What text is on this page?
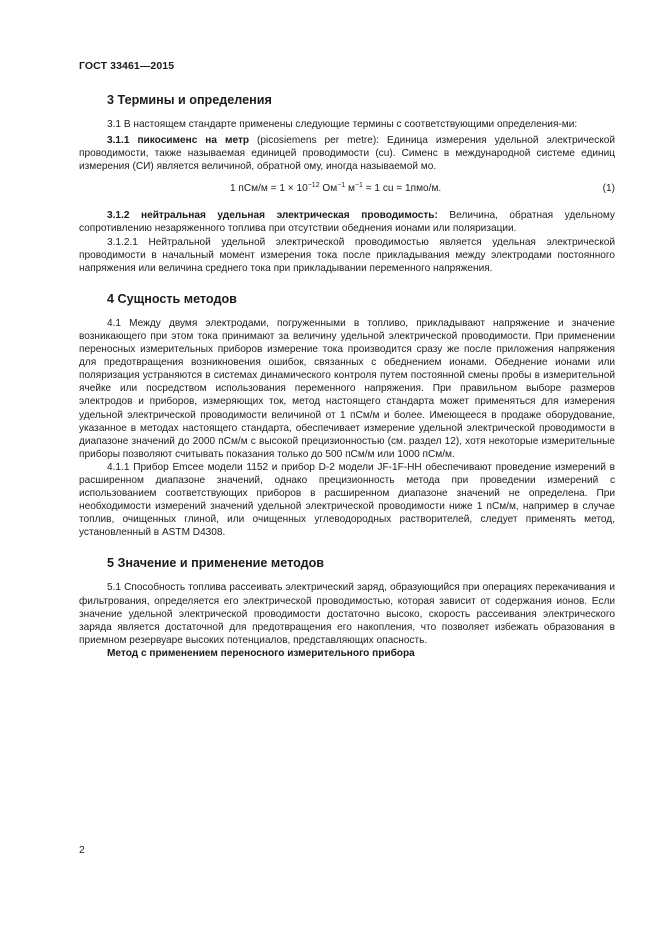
ГОСТ 33461—2015
3 Термины и определения

3.1 В настоящем стандарте применены следующие термины с соответствующими определения-ми:

3.1.1 пикосименс на метр (picosiemens per metre): Единица измерения удельной электрической проводимости, также называемая единицей проводимости (cu). Сименс в международной системе единиц измерения (СИ) является величиной, обратной ому, иногда называемой мо.

1 $пСм/м = 1 \times 10^{-12}$ $Ом^{-1}$ $м^{-1} = 1$ cu = 1пмо/м.	(1)

3.1.2 нейтральная удельная электрическая проводимость: Величина, обратная удельному сопротивлению незаряженного топлива при отсутствии обеднения ионами или поляризации.

3.1.2.1 Нейтральной удельной электрической проводимостью является удельная электрической проводимости в начальный момент измерения тока после прикладывания между электродами постоянного напряжения или величина среднего тока при прикладывании переменного напряжения.

4 Сущность методов

4.1 Между двумя электродами, погруженными в топливо, прикладывают напряжение и значение возникающего при этом тока принимают за величину удельной электрической проводимости. При применении переносных измерительных приборов измерение тока производится сразу же после приложения напряжения для предотвращения возникновения ошибок, связанных с обеднением ионами. Обеднение ионами или поляризация устраняются в системах динамического контроля путем постоянной смены пробы в измерительной ячейке или посредством использования переменного напряжения. При правильном выборе размеров электродов и приборов, измеряющих ток, метод настоящего стандарта может применяться для измерения удельной электрической проводимости величиной от 1 пСм/м и более. Имеющееся в продаже оборудование, указанное в методах настоящего стандарта, обеспечивает измерение удельной электрической проводимости в диапазоне значений до 2000 пСм/м с высокой прецизионностью (см. раздел 12), хотя некоторые измерительные приборы позволяют считывать показания только до 500 пСм/м или 1000 пСм/м.

4.1.1 Прибор Emcee модели 1152 и прибор D-2 модели JF-1F-HH обеспечивают проведение измерений в расширенном диапазоне значений, однако прецизионность метода при проведении измерений с использованием соответствующих приборов в расширенном диапазоне значений не определена. При необходимости измерений значений удельной электрической проводимости ниже 1 пСм/м, например в случае топлив, очищенных глиной, или очищенных углеводородных растворителей, следует применять метод, установленный в ASTM D4308.

5 Значение и применение методов

5.1 Способность топлива рассеивать электрический заряд, образующийся при операциях перекачивания и фильтрования, определяется его электрической проводимостью, которая зависит от содержания ионов. Если значение удельной электрической проводимости достаточно высоко, скорость рассеивания электрического заряда является достаточной для предотвращения его накопления, что позволяет избежать образования в приемном резервуаре высоких потенциалов, представляющих опасность.

Метод с применением переносного измерительного прибора

2
